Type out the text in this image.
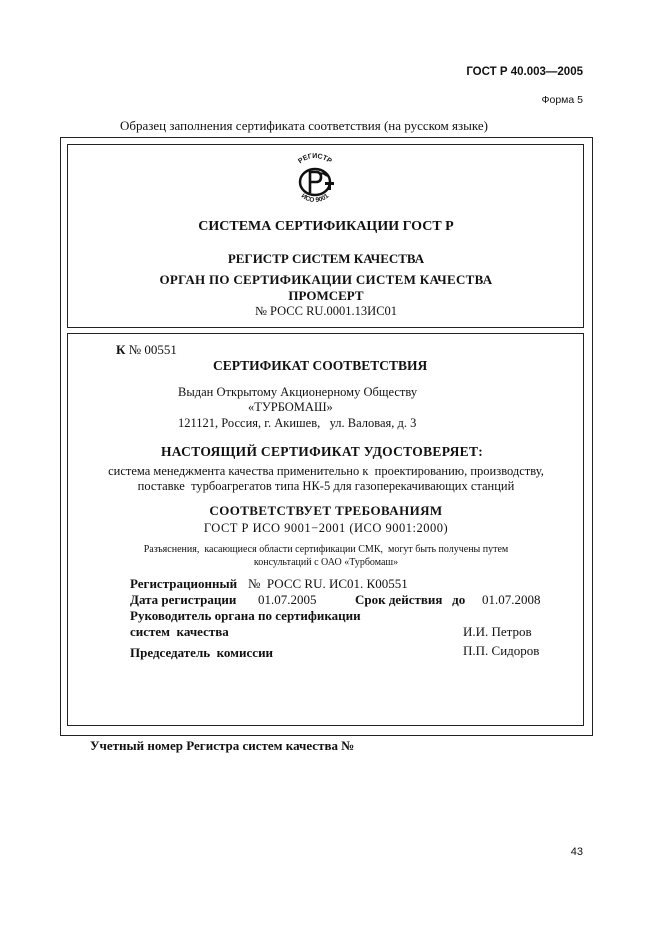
ГОСТ Р 40.003—2005
Форма 5
Образец заполнения сертификата соответствия (на русском языке)
РЕГИСТР
ИСО 9001
СИСТЕМА СЕРТИФИКАЦИИ ГОСТ Р
РЕГИСТР СИСТЕМ КАЧЕСТВА
ОРГАН ПО СЕРТИФИКАЦИИ СИСТЕМ КАЧЕСТВА
ПРОМСЕРТ
№ РОСС RU.0001.13ИС01
К № 00551
СЕРТИФИКАТ СООТВЕТСТВИЯ
Выдан Открытому Акционерному Обществу
«ТУРБОМАШ»
121121, Россия, г. Акишев,   ул. Валовая, д. 3
НАСТОЯЩИЙ СЕРТИФИКАТ УДОСТОВЕРЯЕТ:
система менеджмента качества применительно к  проектированию, производству,
поставке  турбоагрегатов типа НК-5 для газоперекачивающих станций
СООТВЕТСТВУЕТ ТРЕБОВАНИЯМ
ГОСТ Р ИСО 9001−2001 (ИСО 9001:2000)
Разъяснения,  касающиеся области сертификации СМК,  могут быть получены путем
консультаций с ОАО «Турбомаш»
Регистрационный №  РОСС RU. ИС01. К00551
Дата регистрации 01.07.2005	Срок действия   до 01.07.2008
Руководитель органа по сертификации
систем  качества	И.И. Петров
Председатель  комиссии	П.П. Сидоров
Учетный номер Регистра систем качества №
43
